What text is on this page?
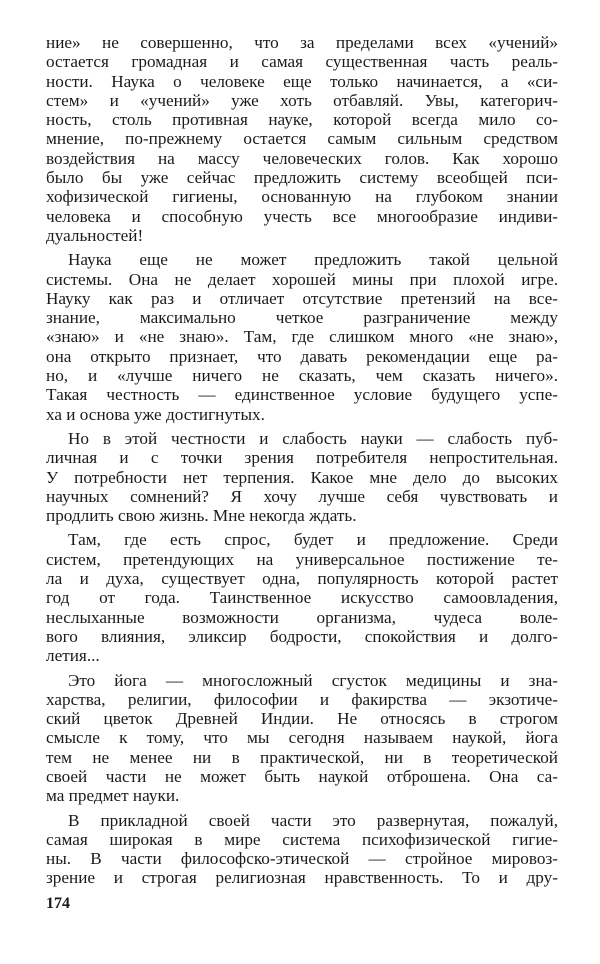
ние» не совершенно, что за пределами всех «учений»
остается громадная и самая существенная часть реаль-
ности. Наука о человеке еще только начинается, а «си-
стем» и «учений» уже хоть отбавляй. Увы, категорич-
ность, столь противная науке, которой всегда мило со-
мнение, по-прежнему остается самым сильным средством
воздействия на массу человеческих голов. Как хорошо
было бы уже сейчас предложить систему всеобщей пси-
хофизической гигиены, основанную на глубоком знании
человека и способную учесть все многообразие индиви-
дуальностей!
Наука еще не может предложить такой цельной
системы. Она не делает хорошей мины при плохой игре.
Науку как раз и отличает отсутствие претензий на все-
знание, максимально четкое разграничение между
«знаю» и «не знаю». Там, где слишком много «не знаю»,
она открыто признает, что давать рекомендации еще ра-
но, и «лучше ничего не сказать, чем сказать ничего».
Такая честность — единственное условие будущего успе-
ха и основа уже достигнутых.
Но в этой честности и слабость науки — слабость пуб-
личная и с точки зрения потребителя непростительная.
У потребности нет терпения. Какое мне дело до высоких
научных сомнений? Я хочу лучше себя чувствовать и
продлить свою жизнь. Мне некогда ждать.
Там, где есть спрос, будет и предложение. Среди
систем, претендующих на универсальное постижение те-
ла и духа, существует одна, популярность которой растет
год от года. Таинственное искусство самоовладения,
неслыханные возможности организма, чудеса воле-
вого влияния, эликсир бодрости, спокойствия и долго-
летия...
Это йога — многосложный сгусток медицины и зна-
харства, религии, философии и факирства — экзотиче-
ский цветок Древней Индии. Не относясь в строгом
смысле к тому, что мы сегодня называем наукой, йога
тем не менее ни в практической, ни в теоретической
своей части не может быть наукой отброшена. Она са-
ма предмет науки.
В прикладной своей части это развернутая, пожалуй,
самая широкая в мире система психофизической гигие-
ны. В части философско-этической — стройное мировоз-
зрение и строгая религиозная нравственность. То и дру-
174
